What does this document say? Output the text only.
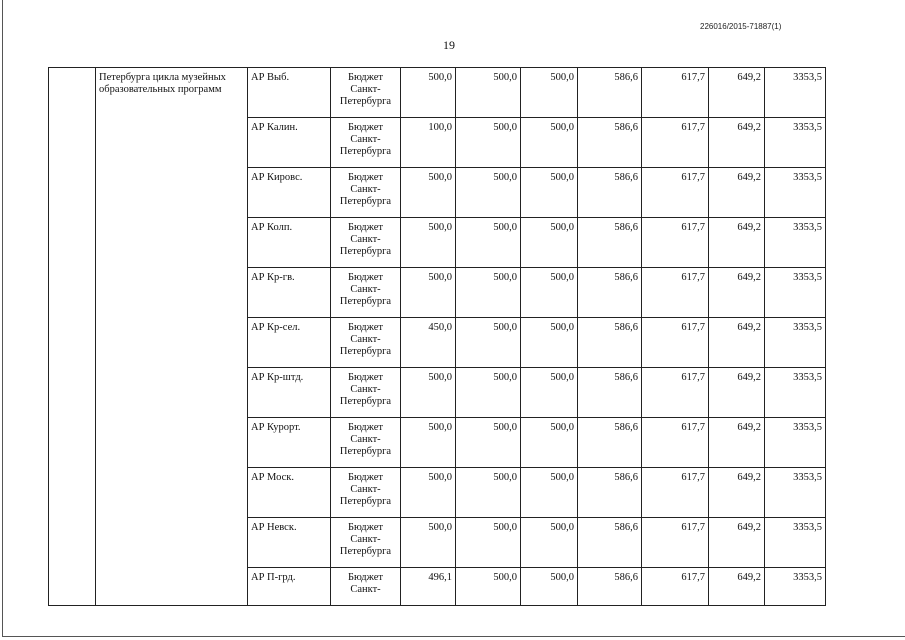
226016/2015-71887(1)
19
	Петербурга цикла музейных образовательных программ	АР Выб.	Бюджет Санкт-Петербурга	500,0	500,0	500,0	586,6	617,7	649,2	3353,5
		АР Калин.	Бюджет Санкт-Петербурга	100,0	500,0	500,0	586,6	617,7	649,2	3353,5
		АР Кировс.	Бюджет Санкт-Петербурга	500,0	500,0	500,0	586,6	617,7	649,2	3353,5
		АР Колп.	Бюджет Санкт-Петербурга	500,0	500,0	500,0	586,6	617,7	649,2	3353,5
		АР Кр-гв.	Бюджет Санкт-Петербурга	500,0	500,0	500,0	586,6	617,7	649,2	3353,5
		АР Кр-сел.	Бюджет Санкт-Петербурга	450,0	500,0	500,0	586,6	617,7	649,2	3353,5
		АР Кр-штд.	Бюджет Санкт-Петербурга	500,0	500,0	500,0	586,6	617,7	649,2	3353,5
		АР Курорт.	Бюджет Санкт-Петербурга	500,0	500,0	500,0	586,6	617,7	649,2	3353,5
		АР Моск.	Бюджет Санкт-Петербурга	500,0	500,0	500,0	586,6	617,7	649,2	3353,5
		АР Невск.	Бюджет Санкт-Петербурга	500,0	500,0	500,0	586,6	617,7	649,2	3353,5
		АР П-грд.	Бюджет Санкт-	496,1	500,0	500,0	586,6	617,7	649,2	3353,5
